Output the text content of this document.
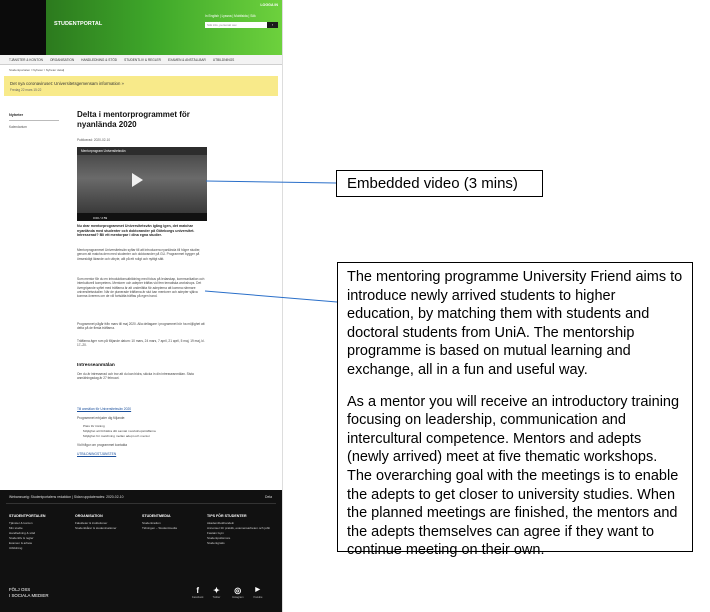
STUDENTPORTAL
LOGGA IN
In English | Lyssna | Mobilsida | Sök
Sök info, personal osv.	›
TJÄNSTER & KONTON ORGANISATION HANDLEDNING & STÖD STUDENTLIV & REGLER EXAMEN & ANSTÄLLBAR UTBILDNINGS
Studentportalen / Nyheter / Nyheter detalj
Det nya coronaviruset: Universitetsgemensam information »
Fredag 22 mars 15:22
Nyheter
Kalendarium
Delta i mentorprogrammet för nyanlända 2020
Publicerad: 2020-02-10
Mentorprogram Universitetsvän
0:00 / 2:59
Nu drar mentorprogrammet Universitetsvän igång igen, det matchar nyanlända med studenter och doktorander på Göteborgs universitet. Intresserad? Bli ett mentorpar i dina egna studier.
Mentorprogrammet Universitetsvän syftar till att introducera nyanlända till högre studier, genom att matcha dem med studenter och doktorander på GU. Programmet bygger på ömsesidigt lärande och utbyte, allt på ett roligt och nyttigt sätt.
Som mentor får du en introduktionsutbildning med fokus på ledarskap, kommunikation och interkulturell kompetens. Mentorer och adepter träffas vid fem tematiska workshops. Det övergripande syftet med träffarna är att underlätta för adepterna att komma närmare universitetsstudier. När de planerade träffarna är slut kan mentorer och adepter själva komma överens om de vill fortsätta träffas på egen hand.
Programmet pågår från mars till maj 2020. Alla deltagare i programmet bör ha möjlighet att delta på de flesta träffarna.
Träffarna äger rum på följande datum: 10 mars, 24 mars, 7 april, 21 april, 5 maj, 19 maj, kl. 17–20.
Intresseanmälan
Om du är intresserad och tror att du kan bidra, skicka in din intresseanmälan. Sista anmälningsdag är 27 februari.
Till anmälan för Universitetsvän 2020
Programmet erbjuder dig följande:
Plats för träning
Möjlighet att förbättra ditt samtal i workshopsträffarna
Möjlighet för matchning mellan adept och mentor
Vid frågor om programmet kontakta
UTBILDNINGSTJÄNSTEN
Webansvarig: Studentportalens redaktion | Sidan uppdaterades: 2020-02-10	Dela
STUDENTPORTALEN
Tjänster & konton
Min studie
Handledning & stöd
Studentliv & regler
Examen & arbete
Utbildning
ORGANISATION
Fakulteter & institutioner
Studentkårer & studentnationer
STUDENTMEDIA
Studentradion
Tidningen – Studentmedia
TIPS FÖR STUDENTER
Akademibokhandeln
Annonser för praktik, examensarbeten och jobb
Fastain Gym
Studentpolismore
Studentgratis
FÖLJ OSS
I SOCIALA MEDIER
f
Facebook
✦
Twitter
◎
Instagram
▶
Youtube
Embedded video (3 mins)

The mentoring programme University Friend aims to introduce newly arrived students to higher education, by matching them with students and doctoral students from UniA. The mentorship programme is based on mutual learning and exchange, all in a fun and useful way.

As a mentor you will receive an introductory training focusing on leadership, communication and intercultural competence. Mentors and adepts (newly arrived) meet at five thematic workshops. The overarching goal with the meetings is to enable the adepts to get closer to university studies. When the planned meetings are finished, the mentors and the adepts themselves can agree if they want to continue meeting on their own.
